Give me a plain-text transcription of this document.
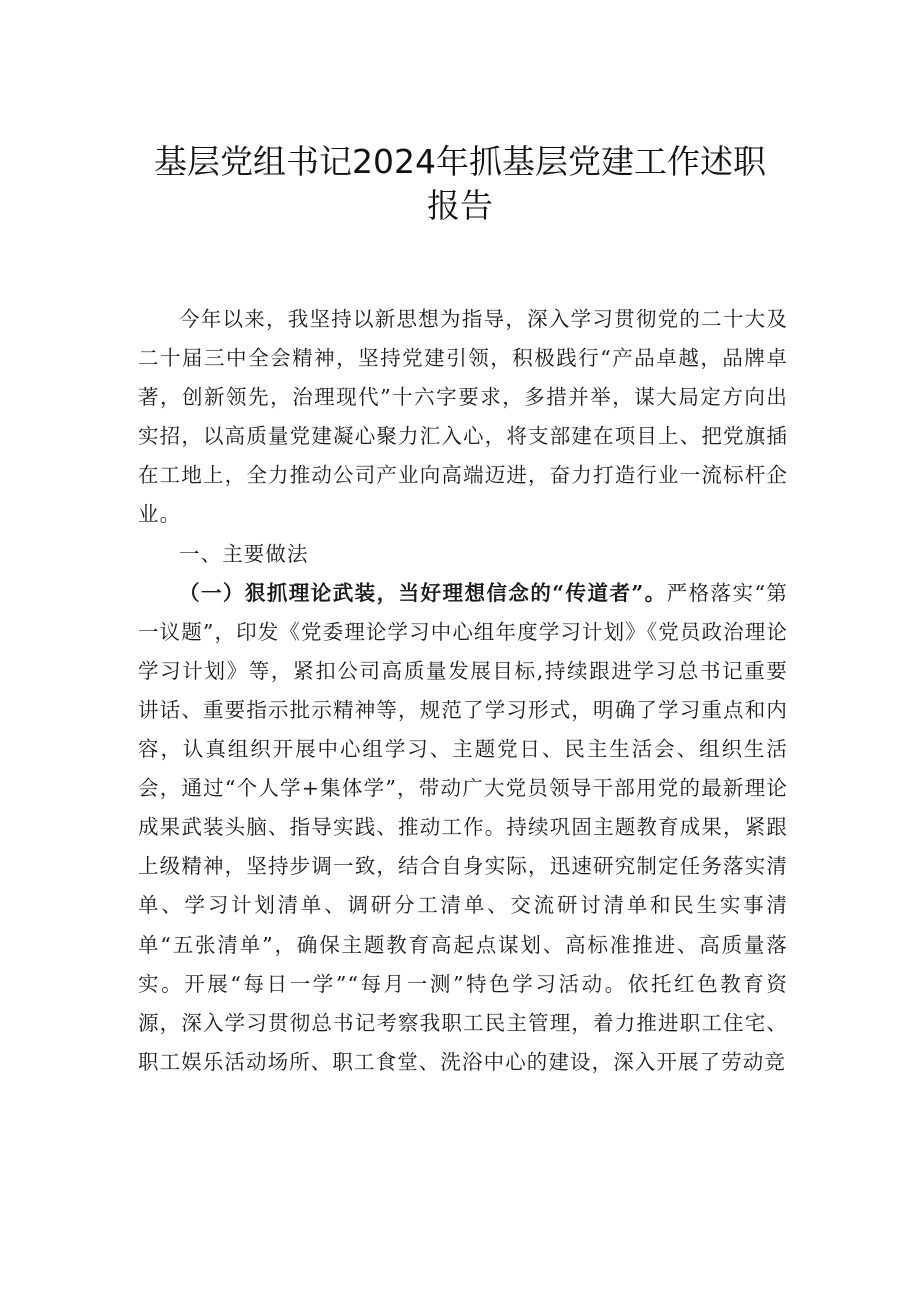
基层党组书记2024年抓基层党建工作述职
报告

今年以来，我坚持以新思想为指导，深入学习贯彻党的二十大及二十届三中全会精神，坚持党建引领，积极践行“产品卓越，品牌卓著，创新领先，治理现代”十六字要求，多措并举，谋大局定方向出实招，以高质量党建凝心聚力汇入心，将支部建在项目上、把党旗插在工地上，全力推动公司产业向高端迈进，奋力打造行业一流标杆企业。

一、主要做法

（一）狠抓理论武装，当好理想信念的“传道者”。严格落实“第一议题”，印发《党委理论学习中心组年度学习计划》《党员政治理论学习计划》等，紧扣公司高质量发展目标,持续跟进学习总书记重要讲话、重要指示批示精神等，规范了学习形式，明确了学习重点和内容，认真组织开展中心组学习、主题党日、民主生活会、组织生活会，通过“个人学+集体学”，带动广大党员领导干部用党的最新理论成果武装头脑、指导实践、推动工作。持续巩固主题教育成果，紧跟上级精神，坚持步调一致，结合自身实际，迅速研究制定任务落实清单、学习计划清单、调研分工清单、交流研讨清单和民生实事清单“五张清单”，确保主题教育高起点谋划、高标准推进、高质量落实。开展“每日一学”“每月一测”特色学习活动。依托红色教育资源，深入学习贯彻总书记考察我职工民主管理，着力推进职工住宅、职工娱乐活动场所、职工食堂、洗浴中心的建设，深入开展了劳动竞
